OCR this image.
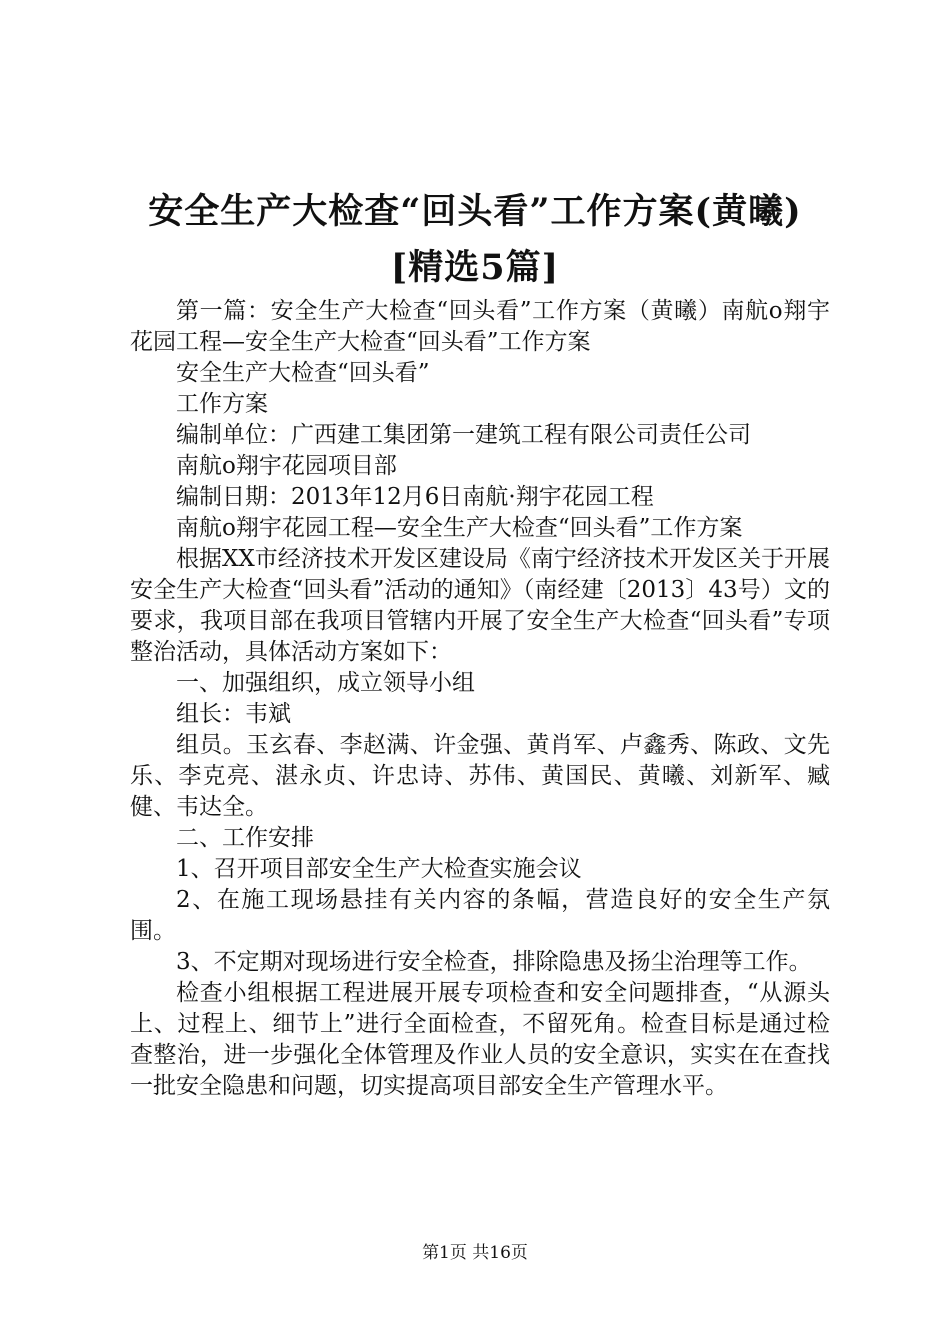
安全生产大检查“回头看”工作方案(黄曦)
[精选5篇]

第一篇：安全生产大检查“回头看”工作方案（黄曦）南航ο翔宇花园工程—安全生产大检查“回头看”工作方案

安全生产大检查“回头看”

工作方案

编制单位：广西建工集团第一建筑工程有限公司责任公司

南航ο翔宇花园项目部

编制日期：2013年12月6日南航·翔宇花园工程

南航ο翔宇花园工程—安全生产大检查“回头看”工作方案

根据XX市经济技术开发区建设局《南宁经济技术开发区关于开展安全生产大检查“回头看”活动的通知》（南经建〔2013〕43号）文的要求，我项目部在我项目管辖内开展了安全生产大检查“回头看”专项整治活动，具体活动方案如下：

一、加强组织，成立领导小组

组长：韦斌

组员。玉玄春、李赵满、许金强、黄肖军、卢鑫秀、陈政、文先乐、李克亮、湛永贞、许忠诗、苏伟、黄国民、黄曦、刘新军、臧健、韦达全。

二、工作安排

1、召开项目部安全生产大检查实施会议

2、在施工现场悬挂有关内容的条幅，营造良好的安全生产氛围。

3、不定期对现场进行安全检查，排除隐患及扬尘治理等工作。

检查小组根据工程进展开展专项检查和安全问题排查，“从源头上、过程上、细节上”进行全面检查，不留死角。检查目标是通过检查整治，进一步强化全体管理及作业人员的安全意识，实实在在查找一批安全隐患和问题，切实提高项目部安全生产管理水平。

第1页 共16页
